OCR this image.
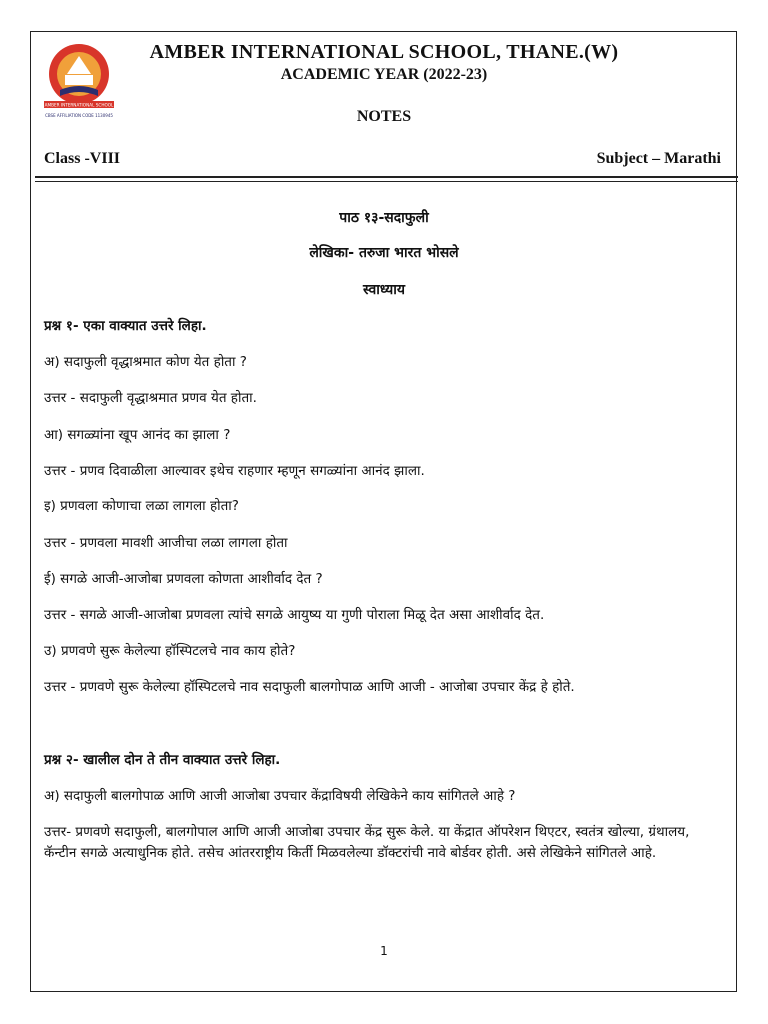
AMBER INTERNATIONAL SCHOOL
CBSE AFFILIATION CODE 1130945
AMBER INTERNATIONAL SCHOOL, THANE.(W)
ACADEMIC YEAR (2022-23)
NOTES
Class -VIII	Subject – Marathi
पाठ १३-सदाफुली
लेखिका- तरुजा भारत भोसले
स्वाध्याय
प्रश्न १- एका वाक्यात उत्तरे लिहा.
अ) सदाफुली वृद्धाश्रमात कोण येत होता ?
उत्तर - सदाफुली वृद्धाश्रमात प्रणव येत होता.
आ) सगळ्यांना खूप आनंद का झाला ?
उत्तर - प्रणव दिवाळीला आल्यावर इथेच राहणार म्हणून सगळ्यांना आनंद झाला.
इ) प्रणवला कोणाचा लळा लागला होता?
उत्तर - प्रणवला मावशी आजीचा लळा लागला होता
ई) सगळे आजी-आजोबा प्रणवला कोणता आशीर्वाद देत ?
उत्तर - सगळे आजी-आजोबा प्रणवला त्यांचे सगळे आयुष्य या गुणी पोराला मिळू देत असा आशीर्वाद देत.
उ) प्रणवणे सुरू केलेल्या हॉस्पिटलचे नाव काय होते?
उत्तर - प्रणवणे सुरू केलेल्या हॉस्पिटलचे नाव सदाफुली बालगोपाळ आणि आजी - आजोबा उपचार केंद्र हे होते.
प्रश्न २- खालील दोन ते तीन वाक्यात उत्तरे लिहा.
अ) सदाफुली बालगोपाळ आणि आजी आजोबा उपचार केंद्राविषयी लेखिकेने काय सांगितले आहे ?
उत्तर- प्रणवणे सदाफुली, बालगोपाल आणि आजी आजोबा उपचार केंद्र सुरू केले. या केंद्रात ऑपरेशन थिएटर, स्वतंत्र खोल्या, ग्रंथालय, कॅन्टीन सगळे अत्याधुनिक होते. तसेच आंतरराष्ट्रीय किर्ती मिळवलेल्या डॉक्टरांची नावे बोर्डवर होती. असे लेखिकेने सांगितले आहे.
1
